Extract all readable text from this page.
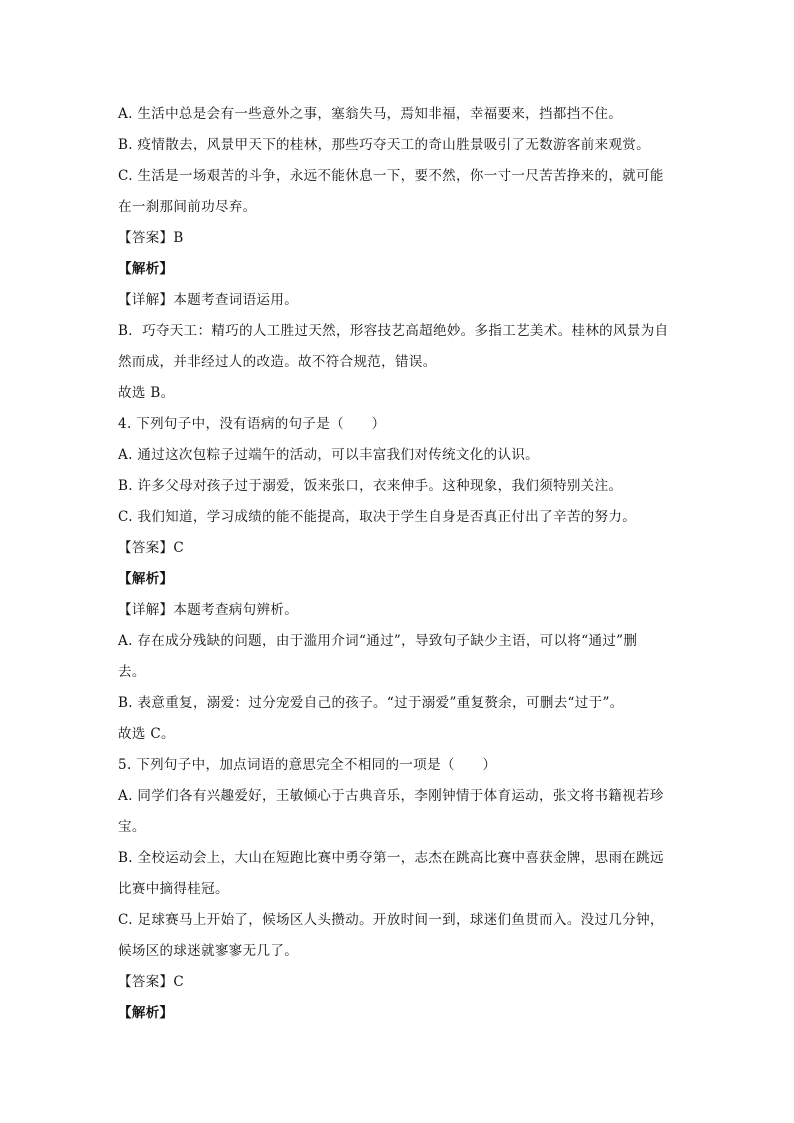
A. 生活中总是会有一些意外之事，塞翁失马，焉知非福，幸福要来，挡都挡不住。
B. 疫情散去，风景甲天下的桂林，那些巧夺天工的奇山胜景吸引了无数游客前来观赏。
C. 生活是一场艰苦的斗争，永远不能休息一下，要不然，你一寸一尺苦苦挣来的，就可能
在一刹那间前功尽弃。
【答案】B
【解析】
【详解】本题考查词语运用。
B．巧夺天工：精巧的人工胜过天然，形容技艺高超绝妙。多指工艺美术。桂林的风景为自
然而成，并非经过人的改造。故不符合规范，错误。
故选 B。
4. 下列句子中，没有语病的句子是（　　）
A. 通过这次包粽子过端午的活动，可以丰富我们对传统文化的认识。
B. 许多父母对孩子过于溺爱，饭来张口，衣来伸手。这种现象，我们须特别关注。
C. 我们知道，学习成绩的能不能提高，取决于学生自身是否真正付出了辛苦的努力。
【答案】C
【解析】
【详解】本题考查病句辨析。
A. 存在成分残缺的问题，由于滥用介词“通过”，导致句子缺少主语，可以将“通过”删
去。
B. 表意重复，溺爱：过分宠爱自己的孩子。“过于溺爱”重复赘余，可删去“过于”。
故选 C。
5. 下列句子中，加点词语的意思完全不相同的一项是（　　）
A. 同学们各有兴趣爱好，王敏倾心于古典音乐，李刚钟情于体育运动，张文将书籍视若珍
宝。
B. 全校运动会上，大山在短跑比赛中勇夺第一，志杰在跳高比赛中喜获金牌，思雨在跳远
比赛中摘得桂冠。
C. 足球赛马上开始了，候场区人头攒动。开放时间一到，球迷们鱼贯而入。没过几分钟，
候场区的球迷就寥寥无几了。
【答案】C
【解析】
